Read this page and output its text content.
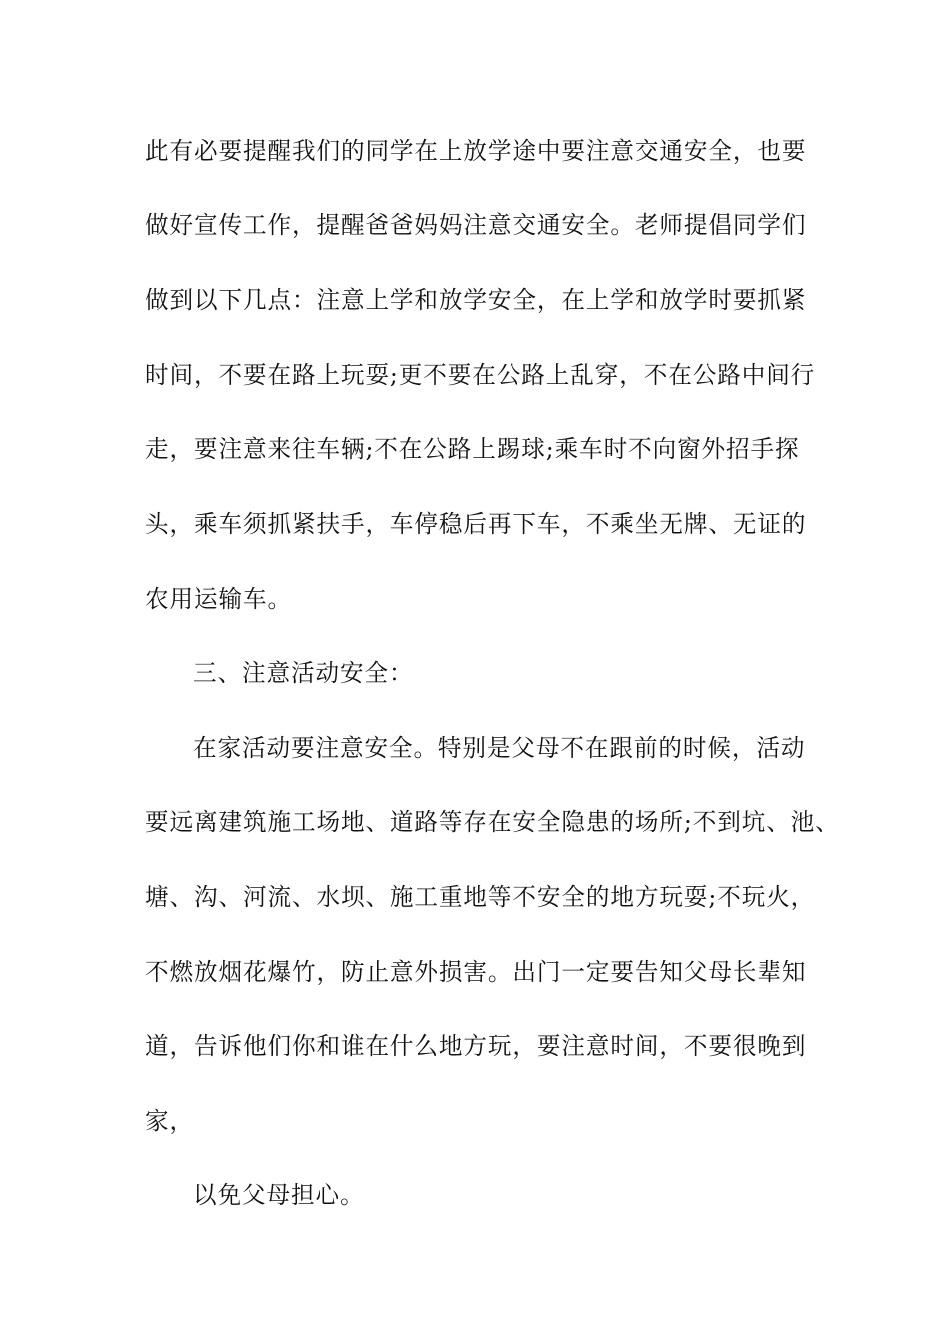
此有必要提醒我们的同学在上放学途中要注意交通安全，也要
做好宣传工作，提醒爸爸妈妈注意交通安全。老师提倡同学们
做到以下几点：注意上学和放学安全，在上学和放学时要抓紧
时间，不要在路上玩耍;更不要在公路上乱穿，不在公路中间行
走，要注意来往车辆;不在公路上踢球;乘车时不向窗外招手探
头，乘车须抓紧扶手，车停稳后再下车，不乘坐无牌、无证的
农用运输车。
三、注意活动安全：
在家活动要注意安全。特别是父母不在跟前的时候，活动
要远离建筑施工场地、道路等存在安全隐患的场所;不到坑、池、
塘、沟、河流、水坝、施工重地等不安全的地方玩耍;不玩火，
不燃放烟花爆竹，防止意外损害。出门一定要告知父母长辈知
道，告诉他们你和谁在什么地方玩，要注意时间，不要很晚到
家，
以免父母担心。
